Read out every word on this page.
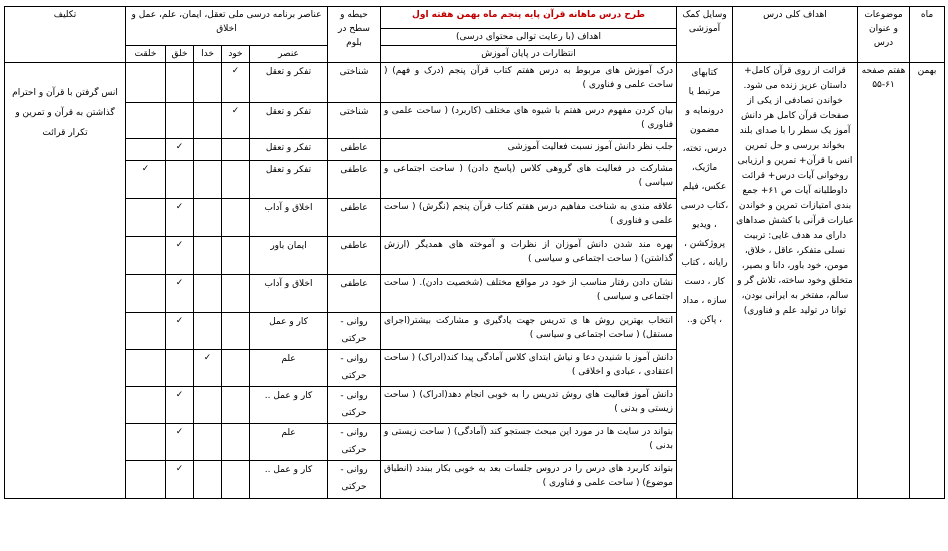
ماه	موضوعات و عنوان درس	اهداف کلی درس	وسایل کمک آموزشی	طرح درس ماهانه قرآن پایه پنجم ماه بهمن هفته اول	حیطه و سطح در بلوم	عناصر برنامه درسی ملی تعقل، ایمان، علم، عمل و اخلاق					تکلیف
				اهداف (با رعایت توالی محتوای درسی)							
				انتظارات در پایان آموزش		عنصر	خود	خدا	خلق	خلقت	
بهمن	هفتم صفحه ۶۱-۵۵	قرائت از روی قرآن کامل+ داستان عزیز زنده می شود. خواندن تصادفی از یکی از صفحات قرآن کامل هر دانش آموز یک سطر را با صدای بلند بخواند بررسی و حل تمرین انس با قرآن+ تمرین و ارزیابی روخوانی آیات درس+ قرائت داوطلبانه آیات ص ۶۱+ جمع بندی امتیازات تمرین و خواندن عبارات قرآنی با کشش صداهای دارای مد هدف غایی: تربیت نسلی متفکر، عاقل ، خلاق، مومن، خود باور، دانا و بصیر، متخلق وخود ساخته، تلاش گر و سالم، مفتخر به ایرانی بودن، توانا در تولید علم و فناوری)	کتابهای مرتبط یا درونمایه و مضمون درس، تخته، ماژیک، عکس، فیلم ،کتاب درسی ، ویدیو پروژکشن ، رایانه ، کتاب کار ، دست سازه ، مداد ، پاکن و..	درک آموزش های مربوط به درس هفتم کتاب قرآن پنجم (درک و فهم) ( ساحت علمی و فناوری )	شناختی	تفکر و تعقل	✓				انس گرفتن با قرآن و احترام گذاشتن به قرآن و تمرین و تکرار قرائت
				بیان کردن مفهوم درس هفتم با شیوه های مختلف (کاربرد) ( ساحت علمی و فناوری )	شناختی	تفکر و تعقل	✓				
				جلب نظر دانش آموز نسبت فعالیت آموزشی	عاطفی	تفکر و تعقل			✓		
				مشارکت در فعالیت های گروهی کلاس (پاسخ دادن) ( ساحت اجتماعی و سیاسی )	عاطفی	تفکر و تعقل				✓	
				علاقه مندی به شناخت مفاهیم درس هفتم کتاب قرآن پنجم (نگرش) ( ساحت علمی و فناوری )	عاطفی	اخلاق و آداب			✓		
				بهره مند شدن دانش آموزان از نظرات و آموخته های همدیگر (ارزش گذاشتن) ( ساحت اجتماعی و سیاسی )	عاطفی	ایمان باور			✓		
				نشان دادن رفتار مناسب از خود در مواقع مختلف (شخصیت دادن). ( ساحت اجتماعی و سیاسی )	عاطفی	اخلاق و آداب			✓		
				انتخاب بهترین روش ها ی تدریس جهت یادگیری و مشارکت بیشتر(اجرای مستقل) ( ساحت اجتماعی و سیاسی )	روانی - حرکتی	کار و عمل			✓		
				دانش آموز با شنیدن دعا و نیاش ابتدای کلاس آمادگی پیدا کند(ادراک) ( ساحت اعتقادی ، عبادی و اخلاقی )	روانی - حرکتی	علم		✓			
				دانش آموز فعالیت های روش تدریس را به خوبی انجام دهد(ادراک) ( ساحت زیستی و بدنی )	روانی - حرکتی	کار و عمل ..			✓		
				بتواند در سایت ها در مورد این مبحث جستجو کند (آمادگی) ( ساحت زیستی و بدنی )	روانی - حرکتی	علم			✓		
				بتواند کاربرد های درس را در دروس جلسات بعد به خوبی بکار ببندد (انطباق موضوع) ( ساحت علمی و فناوری )	روانی - حرکتی	کار و عمل ..			✓		
